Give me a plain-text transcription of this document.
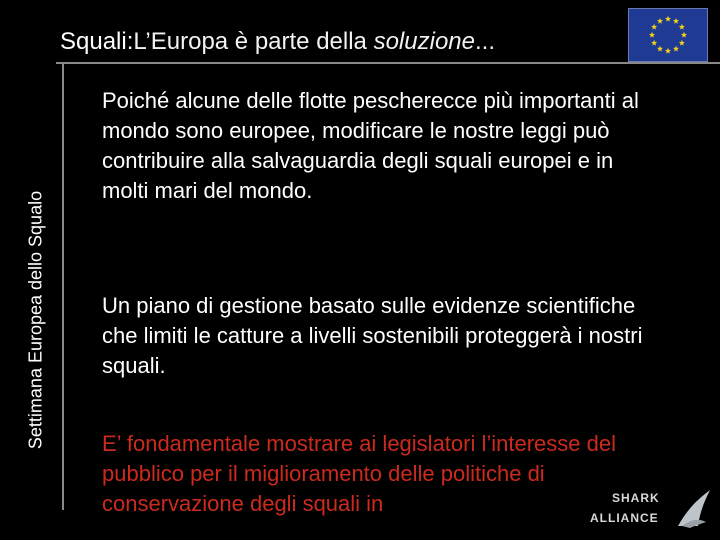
Squali:L’Europa è parte della soluzione...
Settimana Europea dello Squalo
Poiché alcune delle flotte pescherecce più importanti al mondo sono europee, modificare le nostre leggi può contribuire alla salvaguardia degli squali europei e in molti mari del mondo.
Un piano di gestione basato sulle evidenze scientifiche che limiti le catture a livelli sostenibili proteggerà i nostri squali.
E’ fondamentale mostrare ai legislatori l’interesse del pubblico per il miglioramento delle politiche di conservazione degli squali in	SHARK
ALLIANCE
